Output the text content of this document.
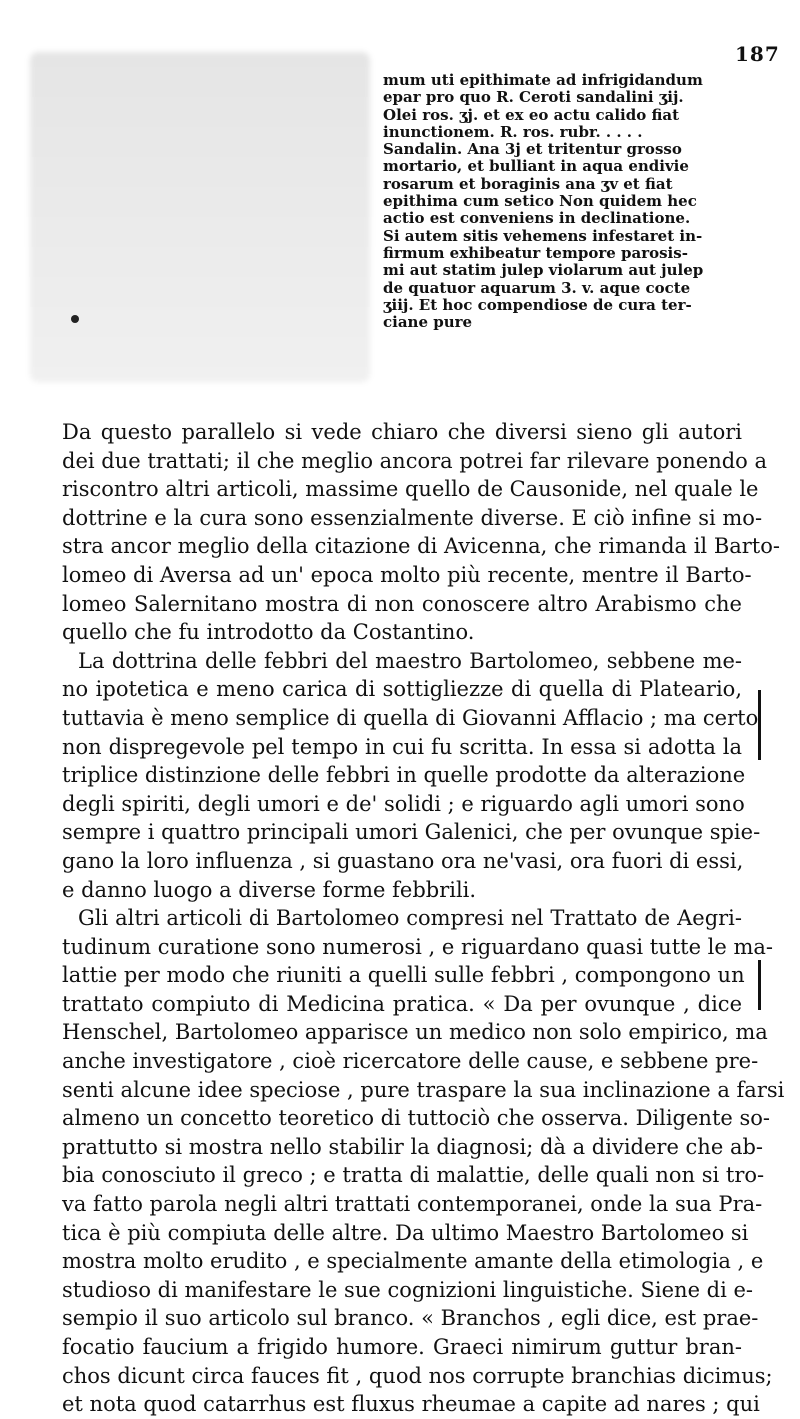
187
mum uti epithimate ad infrigidandum
epar pro quo R. Ceroti sandalini ʒij.
Olei ros. ʒj. et ex eo actu calido fiat
inunctionem. R. ros. rubr. . . . .
Sandalin. Ana 3j et tritentur grosso
mortario, et bulliant in aqua endivie
rosarum et boraginis ana ʒv et fiat
epithima cum setico Non quidem hec
actio est conveniens in declinatione.
Si autem sitis vehemens infestaret in-
firmum exhibeatur tempore parosis-
mi aut statim julep violarum aut julep
de quatuor aquarum 3. v. aque cocte
ʒiij. Et hoc compendiose de cura ter-
ciane pure
Da questo parallelo si vede chiaro che diversi sieno gli autori
dei due trattati; il che meglio ancora potrei far rilevare ponendo a
riscontro altri articoli, massime quello de Causonide, nel quale le
dottrine e la cura sono essenzialmente diverse. E ciò infine si mo-
stra ancor meglio della citazione di Avicenna, che rimanda il Barto-
lomeo di Aversa ad un' epoca molto più recente, mentre il Barto-
lomeo Salernitano mostra di non conoscere altro Arabismo che
quello che fu introdotto da Costantino.
La dottrina delle febbri del maestro Bartolomeo, sebbene me-
no ipotetica e meno carica di sottigliezze di quella di Plateario,
tuttavia è meno semplice di quella di Giovanni Afflacio ; ma certo
non dispregevole pel tempo in cui fu scritta. In essa si adotta la
triplice distinzione delle febbri in quelle prodotte da alterazione
degli spiriti, degli umori e de' solidi ; e riguardo agli umori sono
sempre i quattro principali umori Galenici, che per ovunque spie-
gano la loro influenza , si guastano ora ne'vasi, ora fuori di essi,
e danno luogo a diverse forme febbrili.
Gli altri articoli di Bartolomeo compresi nel Trattato de Aegri-
tudinum curatione sono numerosi , e riguardano quasi tutte le ma-
lattie per modo che riuniti a quelli sulle febbri , compongono un
trattato compiuto di Medicina pratica. « Da per ovunque , dice
Henschel, Bartolomeo apparisce un medico non solo empirico, ma
anche investigatore , cioè ricercatore delle cause, e sebbene pre-
senti alcune idee speciose , pure traspare la sua inclinazione a farsi
almeno un concetto teoretico di tuttociò che osserva. Diligente so-
prattutto si mostra nello stabilir la diagnosi; dà a dividere che ab-
bia conosciuto il greco ; e tratta di malattie, delle quali non si tro-
va fatto parola negli altri trattati contemporanei, onde la sua Pra-
tica è più compiuta delle altre. Da ultimo Maestro Bartolomeo si
mostra molto erudito , e specialmente amante della etimologia , e
studioso di manifestare le sue cognizioni linguistiche. Siene di e-
sempio il suo articolo sul branco. « Branchos , egli dice, est prae-
focatio faucium a frigido humore. Graeci nimirum guttur bran-
chos dicunt circa fauces fit , quod nos corrupte branchias dicimus;
et nota quod catarrhus est fluxus rheumae a capite ad nares ; qui
